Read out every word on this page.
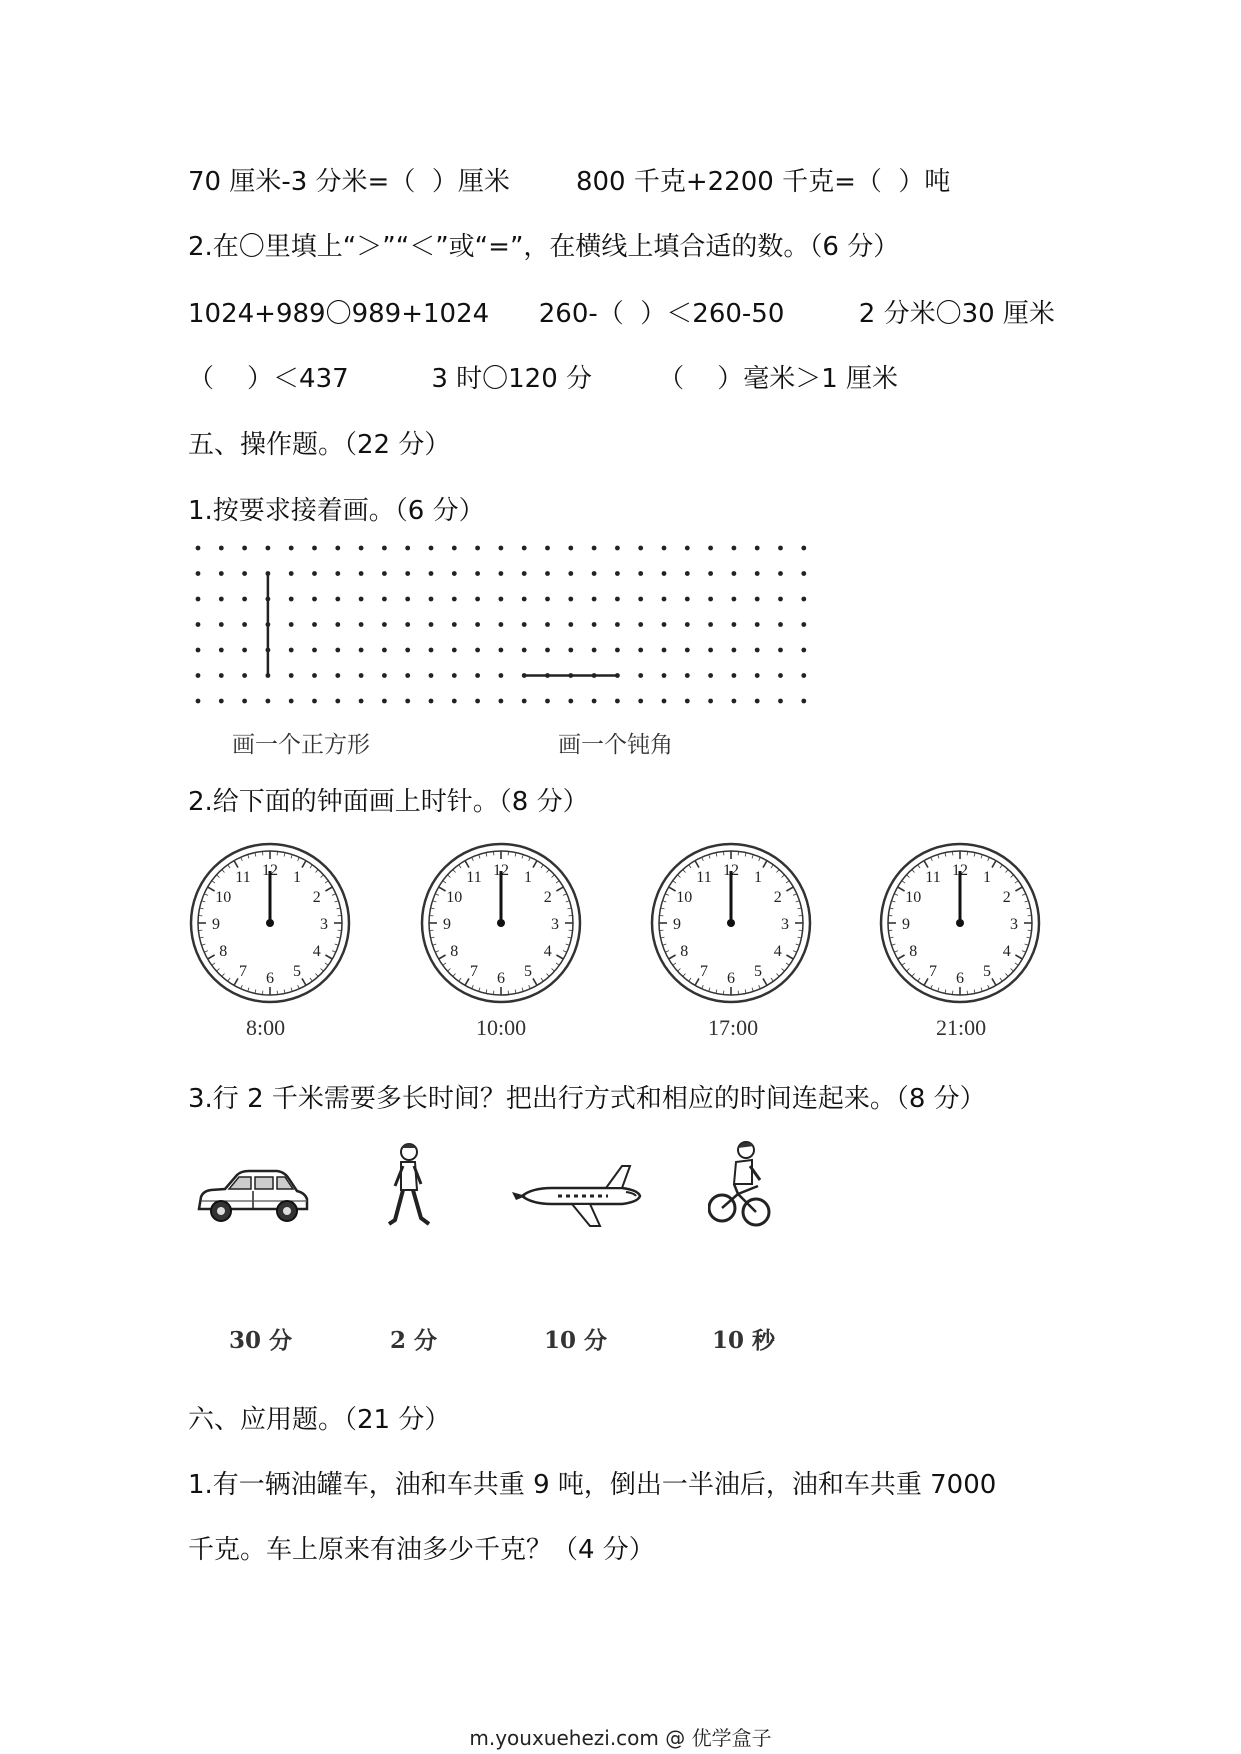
70 厘米-3 分米=（  ）厘米        800 千克+2200 千克=（  ）吨
2.在〇里填上“＞”“＜”或“=”，在横线上填合适的数。（6 分）
1024+989〇989+1024      260-（  ）＜260-50         2 分米〇30 厘米
（    ）＜437          3 时〇120 分        （    ）毫米＞1 厘米
五、操作题。（22 分）
1.按要求接着画。（6 分）
画一个正方形	画一个钝角
2.给下面的钟面画上时针。（8 分）
12 1
2
3
4
5
6
7
8
9
10
11	12 1
2
3
4
5
6
7
8
9
10
11	12 1
2
3
4
5
6
7
8
9
10
11	12 1
2
3
4
5
6
7
8
9
10
11
8:00	10:00	17:00	21:00
3.行 2 千米需要多长时间？把出行方式和相应的时间连起来。（8 分）
30 分	2 分	10 分	10 秒
六、应用题。（21 分）
1.有一辆油罐车，油和车共重 9 吨，倒出一半油后，油和车共重 7000
千克。车上原来有油多少千克？（4 分）
m.youxuehezi.com @ 优学盒子
